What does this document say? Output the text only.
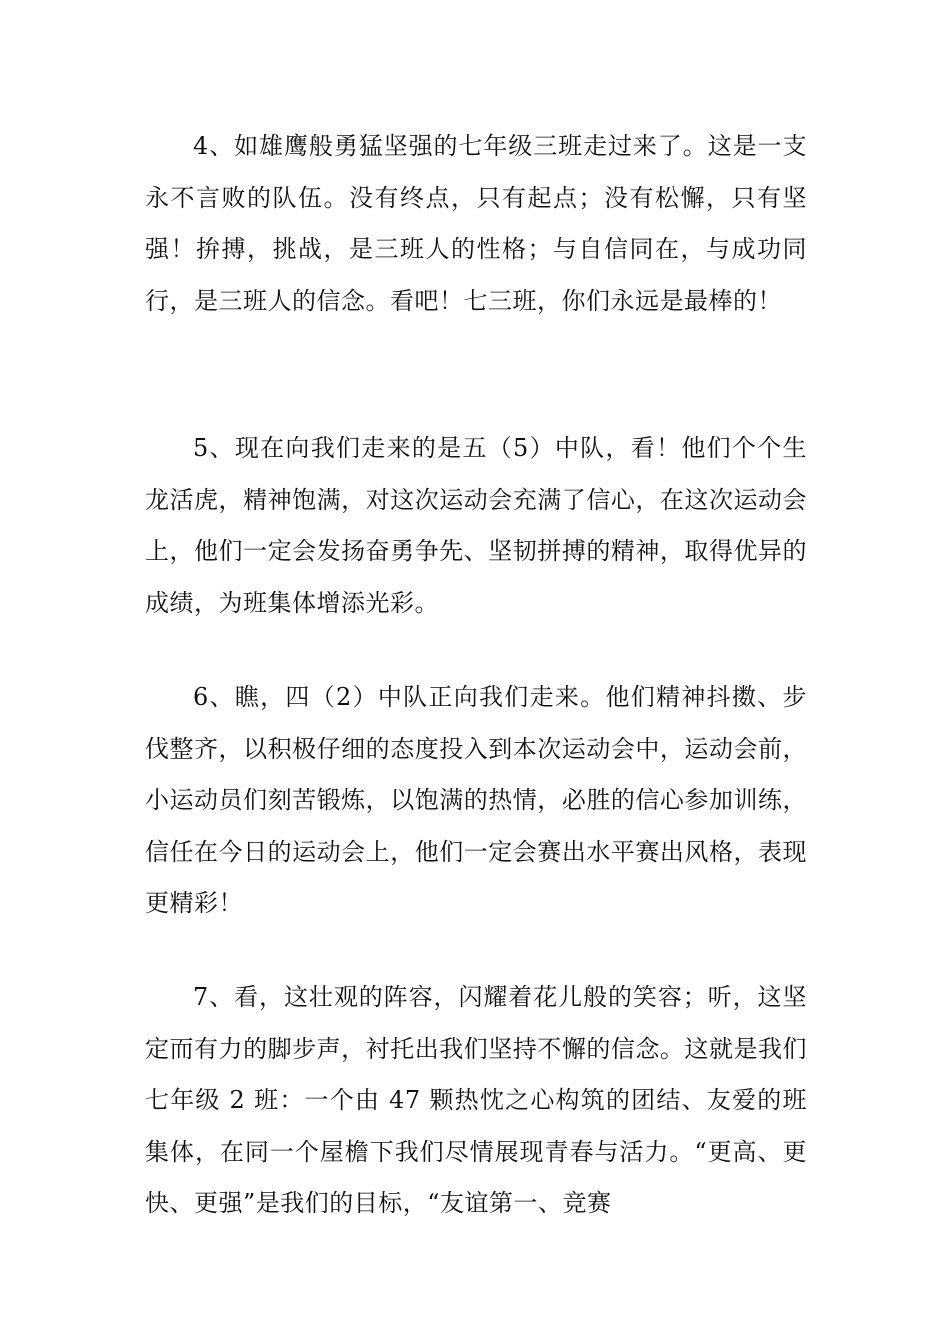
4、如雄鹰般勇猛坚强的七年级三班走过来了。这是一支永不言败的队伍。没有终点，只有起点；没有松懈，只有坚强！拚搏，挑战，是三班人的性格；与自信同在，与成功同行，是三班人的信念。看吧！七三班，你们永远是最棒的！

5、现在向我们走来的是五（5）中队，看！他们个个生龙活虎，精神饱满，对这次运动会充满了信心，在这次运动会上，他们一定会发扬奋勇争先、坚韧拼搏的精神，取得优异的成绩，为班集体增添光彩。

6、瞧，四（2）中队正向我们走来。他们精神抖擞、步伐整齐，以积极仔细的态度投入到本次运动会中，运动会前，小运动员们刻苦锻炼，以饱满的热情，必胜的信心参加训练，信任在今日的运动会上，他们一定会赛出水平赛出风格，表现更精彩！

7、看，这壮观的阵容，闪耀着花儿般的笑容；听，这坚定而有力的脚步声，衬托出我们坚持不懈的信念。这就是我们七年级 2 班：一个由 47 颗热忱之心构筑的团结、友爱的班集体，在同一个屋檐下我们尽情展现青春与活力。“更高、更快、更强”是我们的目标，“友谊第一、竞赛
